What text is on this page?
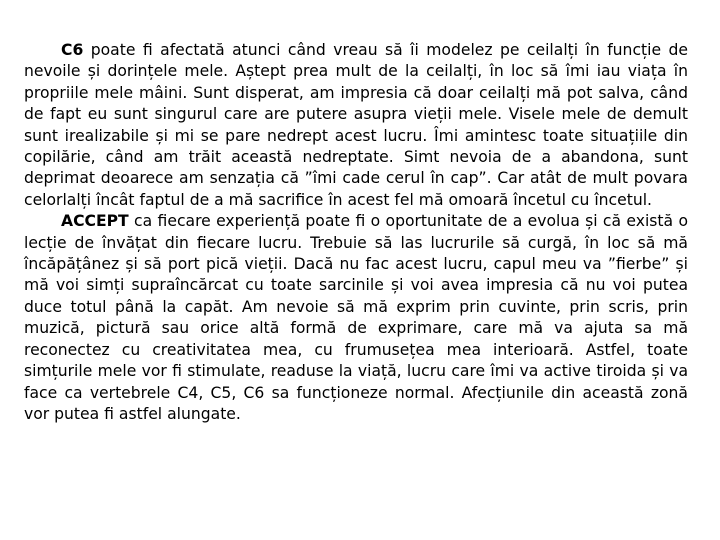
C6 poate fi afectată atunci când vreau să îi modelez pe ceilalți în funcție de nevoile și dorințele mele. Aștept prea mult de la ceilalți, în loc să îmi iau viața în propriile mele mâini. Sunt disperat, am impresia că doar ceilalți mă pot salva, când de fapt eu sunt singurul care are putere asupra vieții mele. Visele mele de demult sunt irealizabile și mi se pare nedrept acest lucru. Îmi amintesc toate situațiile din copilărie, când am trăit această nedreptate. Simt nevoia de a abandona, sunt deprimat deoarece am senzația că ”îmi cade cerul în cap”. Car atât de mult povara celorlalți încât faptul de a mă sacrifice în acest fel mă omoară încetul cu încetul.

ACCEPT ca fiecare experiență poate fi o oportunitate de a evolua și că există o lecție de învățat din fiecare lucru. Trebuie să las lucrurile să curgă, în loc să mă încăpățânez și să port pică vieții. Dacă nu fac acest lucru, capul meu va ”fierbe” și mă voi simți supraîncărcat cu toate sarcinile și voi avea impresia că nu voi putea duce totul până la capăt. Am nevoie să mă exprim prin cuvinte, prin scris, prin muzică, pictură sau orice altă formă de exprimare, care mă va ajuta sa mă reconectez cu creativitatea mea, cu frumusețea mea interioară. Astfel, toate simțurile mele vor fi stimulate, readuse la viață, lucru care îmi va active tiroida și va face ca vertebrele C4, C5, C6 sa funcționeze normal. Afecțiunile din această zonă vor putea fi astfel alungate.
